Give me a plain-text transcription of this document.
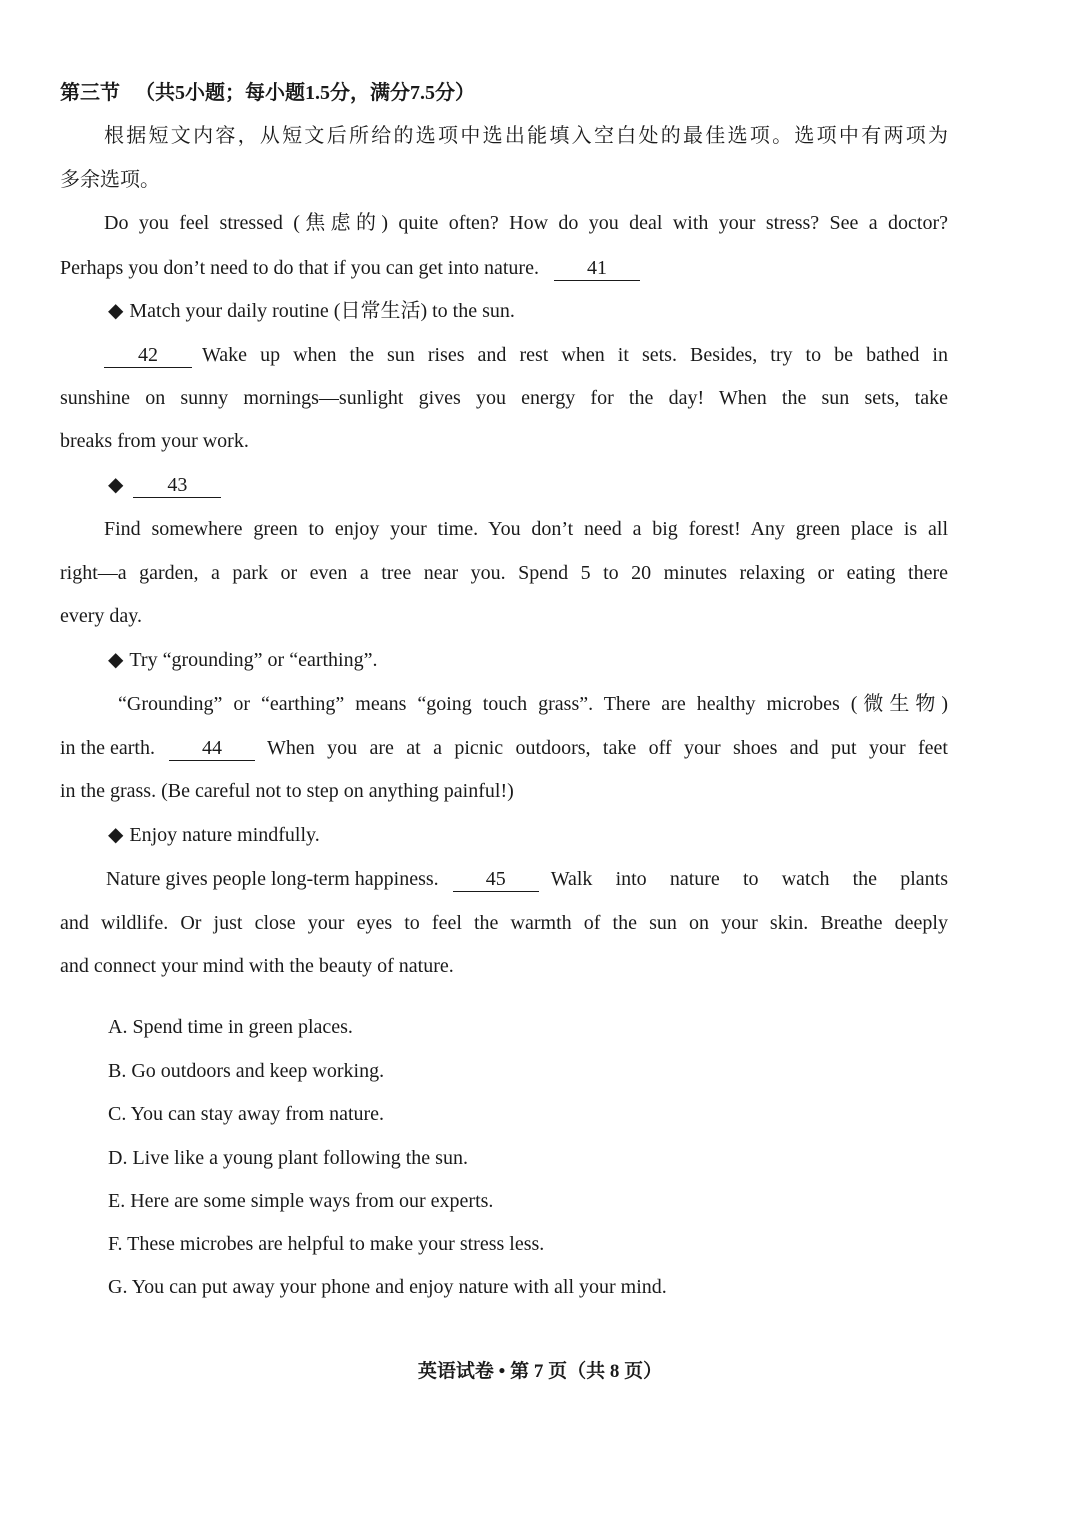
第三节 （共5小题；每小题1.5分，满分7.5分）
根据短文内容，从短文后所给的选项中选出能填入空白处的最佳选项。选项中有两项为
多余选项。
Do you feel stressed (焦虑的) quite often? How do you deal with your stress? See a doctor?
Perhaps you don’t need to do that if you can get into nature. 41
◆ Match your daily routine (日常生活) to the sun.
42	Wake up when the sun rises and rest when it sets. Besides, try to be bathed in
sunshine on sunny mornings—sunlight gives you energy for the day! When the sun sets, take
breaks from your work.
◆ 43
Find somewhere green to enjoy your time. You don’t need a big forest! Any green place is all
right—a garden, a park or even a tree near you. Spend 5 to 20 minutes relaxing or eating there
every day.
◆ Try “grounding” or “earthing”.
“Grounding” or “earthing” means “going touch grass”. There are healthy microbes (微生物)
in the earth.	44	When you are at a picnic outdoors, take off your shoes and put your feet
in the grass. (Be careful not to step on anything painful!)
◆ Enjoy nature mindfully.
Nature gives people long-term happiness.	45	Walk into nature to watch the plants
and wildlife. Or just close your eyes to feel the warmth of the sun on your skin. Breathe deeply
and connect your mind with the beauty of nature.
A. Spend time in green places.
B. Go outdoors and keep working.
C. You can stay away from nature.
D. Live like a young plant following the sun.
E. Here are some simple ways from our experts.
F. These microbes are helpful to make your stress less.
G. You can put away your phone and enjoy nature with all your mind.
英语试卷 • 第 7 页（共 8 页）
